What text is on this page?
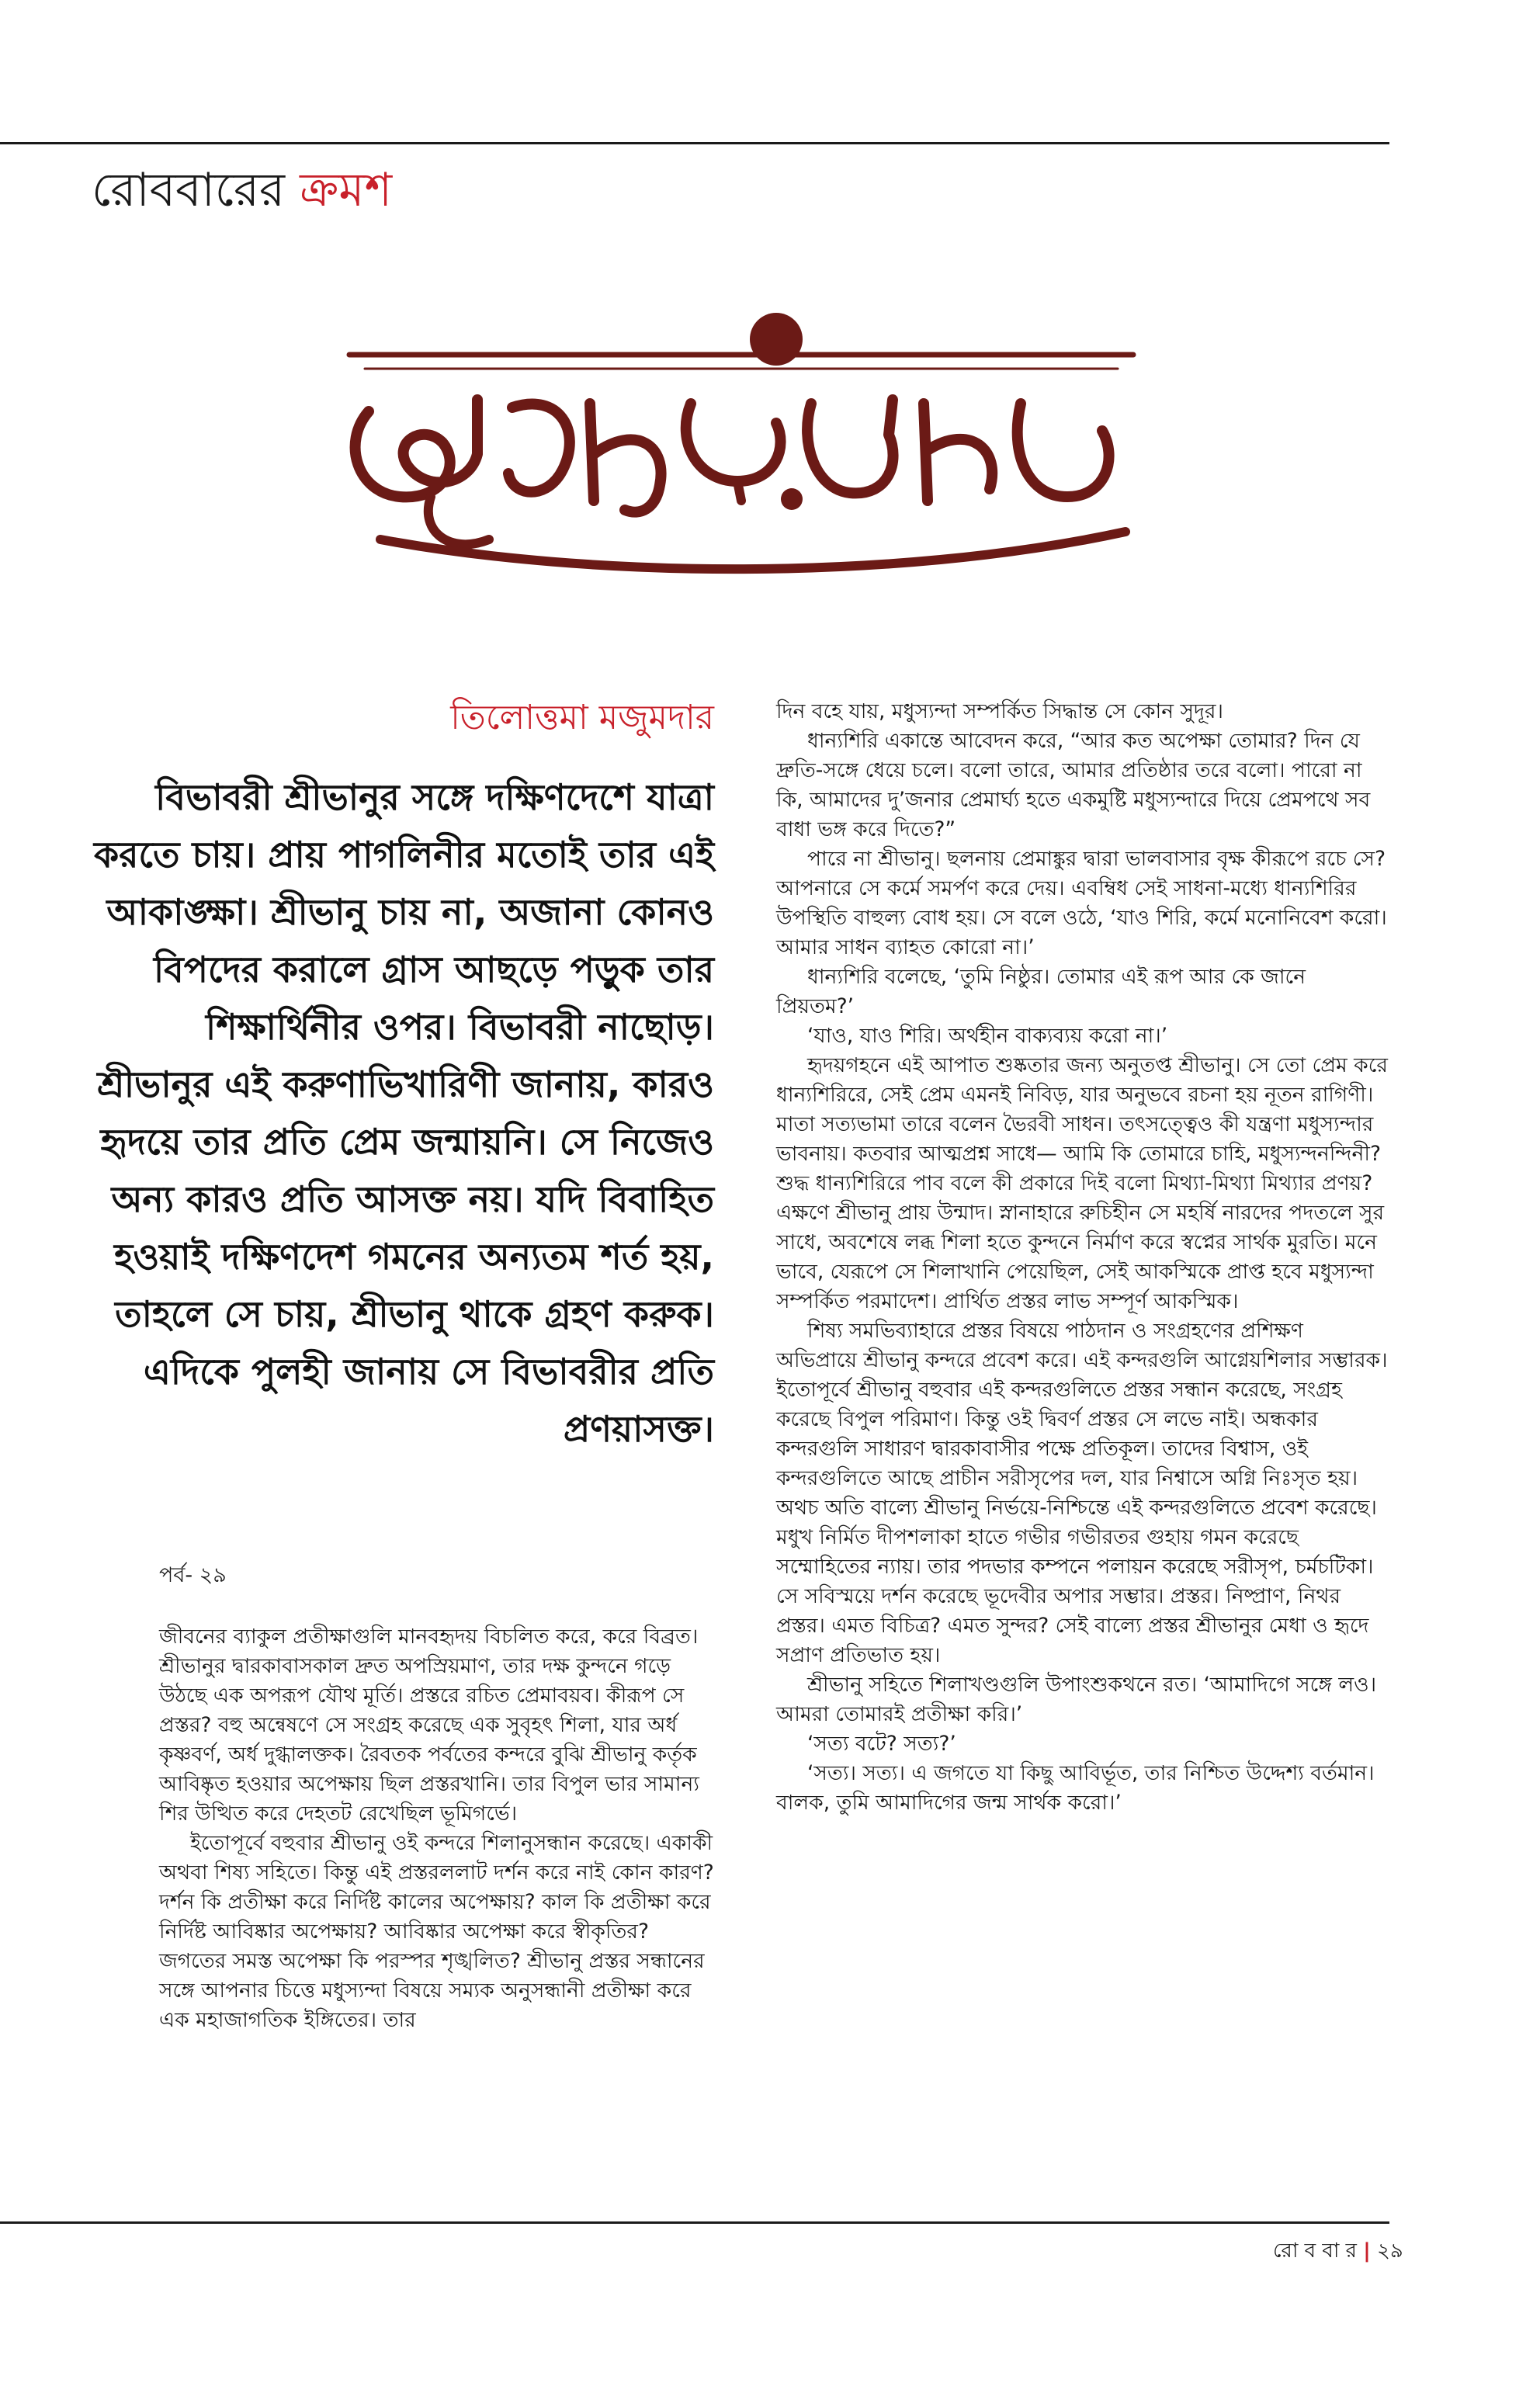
রোববারের ক্রমশ
তিলোত্তমা মজুমদার
বিভাবরী শ্রীভানুর সঙ্গে দক্ষিণদেশে যাত্রা করতে চায়। প্রায় পাগলিনীর মতোই তার এই আকাঙ্ক্ষা। শ্রীভানু চায় না, অজানা কোনও বিপদের করালে গ্রাস আছড়ে পড়ুক তার শিক্ষার্থিনীর ওপর। বিভাবরী নাছোড়। শ্রীভানুর এই করুণাভিখারিণী জানায়, কারও হৃদয়ে তার প্রতি প্রেম জন্মায়নি। সে নিজেও অন্য কারও প্রতি আসক্ত নয়। যদি বিবাহিত হওয়াই দক্ষিণদেশ গমনের অন্যতম শর্ত হয়, তাহলে সে চায়, শ্রীভানু থাকে গ্রহণ করুক। এদিকে পুলহী জানায় সে বিভাবরীর প্রতি প্রণয়াসক্ত।
পর্ব- ২৯

জীবনের ব্যাকুল প্রতীক্ষাগুলি মানবহৃদয় বিচলিত করে, করে বিব্রত। শ্রীভানুর দ্বারকাবাসকাল দ্রুত অপস্রিয়মাণ, তার দক্ষ কুন্দনে গড়ে উঠছে এক অপরূপ যৌথ মূর্তি। প্রস্তরে রচিত প্রেমাবয়ব। কীরূপ সে প্রস্তর? বহু অন্বেষণে সে সংগ্রহ করেছে এক সুবৃহৎ শিলা, যার অর্ধ কৃষ্ণবর্ণ, অর্ধ দুগ্ধালক্তক। রৈবতক পর্বতের কন্দরে বুঝি শ্রীভানু কর্তৃক আবিষ্কৃত হওয়ার অপেক্ষায় ছিল প্রস্তরখানি। তার বিপুল ভার সামান্য শির উত্থিত করে দেহতট রেখেছিল ভূমিগর্ভে।

ইতোপূর্বে বহুবার শ্রীভানু ওই কন্দরে শিলানুসন্ধান করেছে। একাকী অথবা শিষ্য সহিতে। কিন্তু এই প্রস্তরললাট দর্শন করে নাই কোন কারণ? দর্শন কি প্রতীক্ষা করে নির্দিষ্ট কালের অপেক্ষায়? কাল কি প্রতীক্ষা করে নির্দিষ্ট আবিষ্কার অপেক্ষায়? আবিষ্কার অপেক্ষা করে স্বীকৃতির? জগতের সমস্ত অপেক্ষা কি পরস্পর শৃঙ্খলিত? শ্রীভানু প্রস্তর সন্ধানের সঙ্গে আপনার চিত্তে মধুস্যন্দা বিষয়ে সম্যক অনুসন্ধানী প্রতীক্ষা করে এক মহাজাগতিক ইঙ্গিতের। তার

দিন বহে যায়, মধুস্যন্দা সম্পর্কিত সিদ্ধান্ত সে কোন সুদূর।

ধান্যশিরি একান্তে আবেদন করে, “আর কত অপেক্ষা তোমার? দিন যে দ্রুতি-সঙ্গে ধেয়ে চলে। বলো তারে, আমার প্রতিষ্ঠার তরে বলো। পারো না কি, আমাদের দু’জনার প্রেমার্ঘ্য হতে একমুষ্টি মধুস্যন্দারে দিয়ে প্রেমপথে সব বাধা ভঙ্গ করে দিতে?”

পারে না শ্রীভানু। ছলনায় প্রেমাঙ্কুর দ্বারা ভালবাসার বৃক্ষ কীরূপে রচে সে? আপনারে সে কর্মে সমর্পণ করে দেয়। এবম্বিধ সেই সাধনা-মধ্যে ধান্যশিরির উপস্থিতি বাহুল্য বোধ হয়। সে বলে ওঠে, ‘যাও শিরি, কর্মে মনোনিবেশ করো। আমার সাধন ব্যাহত কোরো না।’

ধান্যশিরি বলেছে, ‘তুমি নিষ্ঠুর। তোমার এই রূপ আর কে জানে প্রিয়তম?’

‘যাও, যাও শিরি। অর্থহীন বাক্যব্যয় করো না।’

হৃদয়গহনে এই আপাত শুষ্কতার জন্য অনুতপ্ত শ্রীভানু। সে তো প্রেম করে ধান্যশিরিরে, সেই প্রেম এমনই নিবিড়, যার অনুভবে রচনা হয় নূতন রাগিণী। মাতা সত্যভামা তারে বলেন ভৈরবী সাধন। তৎসত্ত্বেও কী যন্ত্রণা মধুস্যন্দার ভাবনায়। কতবার আত্মপ্রশ্ন সাধে— আমি কি তোমারে চাহি, মধুস্যন্দনন্দিনী? শুদ্ধ ধান্যশিরিরে পাব বলে কী প্রকারে দিই বলো মিথ্যা-মিথ্যা মিথ্যার প্রণয়? এক্ষণে শ্রীভানু প্রায় উন্মাদ। স্নানাহারে রুচিহীন সে মহর্ষি নারদের পদতলে সুর সাধে, অবশেষে লব্ধ শিলা হতে কুন্দনে নির্মাণ করে স্বপ্নের সার্থক মুরতি। মনে ভাবে, যেরূপে সে শিলাখানি পেয়েছিল, সেই আকস্মিকে প্রাপ্ত হবে মধুস্যন্দা সম্পর্কিত পরমাদেশ। প্রার্থিত প্রস্তর লাভ সম্পূর্ণ আকস্মিক।

শিষ্য সমভিব্যাহারে প্রস্তর বিষয়ে পাঠদান ও সংগ্রহণের প্রশিক্ষণ অভিপ্রায়ে শ্রীভানু কন্দরে প্রবেশ করে। এই কন্দরগুলি আগ্নেয়শিলার সম্ভারক। ইতোপূর্বে শ্রীভানু বহুবার এই কন্দরগুলিতে প্রস্তর সন্ধান করেছে, সংগ্রহ করেছে বিপুল পরিমাণ। কিন্তু ওই দ্বিবর্ণ প্রস্তর সে লভে নাই। অন্ধকার কন্দরগুলি সাধারণ দ্বারকাবাসীর পক্ষে প্রতিকূল। তাদের বিশ্বাস, ওই কন্দরগুলিতে আছে প্রাচীন সরীসৃপের দল, যার নিশ্বাসে অগ্নি নিঃসৃত হয়। অথচ অতি বাল্যে শ্রীভানু নির্ভয়ে-নিশ্চিন্তে এই কন্দরগুলিতে প্রবেশ করেছে। মধুখ নির্মিত দীপশলাকা হাতে গভীর গভীরতর গুহায় গমন করেছে সম্মোহিতের ন্যায়। তার পদভার কম্পনে পলায়ন করেছে সরীসৃপ, চর্মচটিকা। সে সবিস্ময়ে দর্শন করেছে ভূদেবীর অপার সম্ভার। প্রস্তর। নিষ্প্রাণ, নিথর প্রস্তর। এমত বিচিত্র? এমত সুন্দর? সেই বাল্যে প্রস্তর শ্রীভানুর মেধা ও হৃদে সপ্রাণ প্রতিভাত হয়।

শ্রীভানু সহিতে শিলাখণ্ডগুলি উপাংশুকথনে রত। ‘আমাদিগে সঙ্গে লও। আমরা তোমারই প্রতীক্ষা করি।’

‘সত্য বটে? সত্য?’

‘সত্য। সত্য। এ জগতে যা কিছু আবির্ভূত, তার নিশ্চিত উদ্দেশ্য বর্তমান। বালক, তুমি আমাদিগের জন্ম সার্থক করো।’

রো ব বা র | ২৯
